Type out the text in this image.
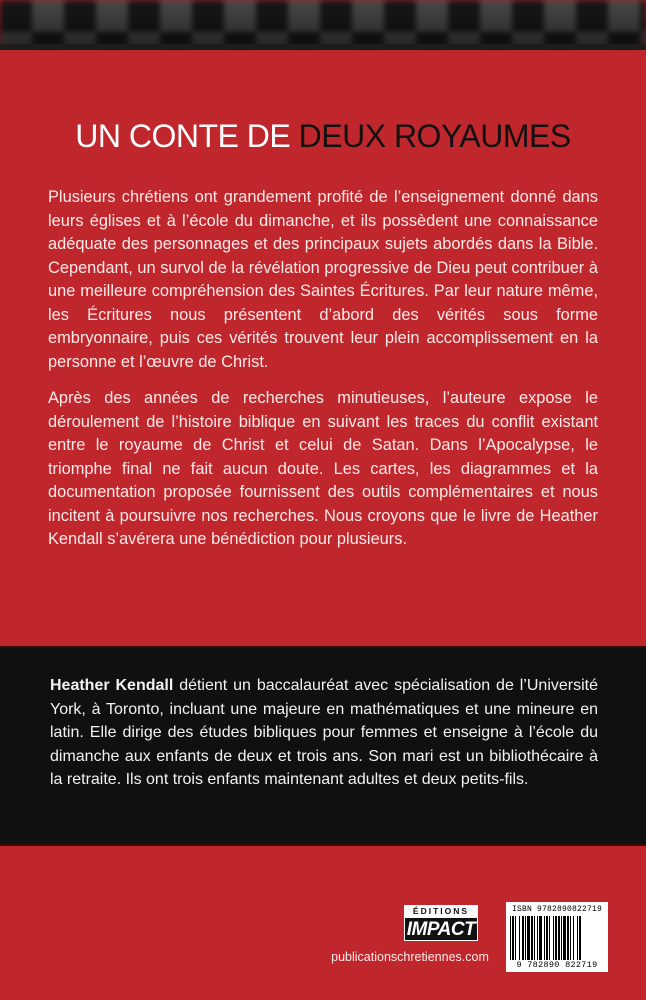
UN CONTE DE DEUX ROYAUMES

Plusieurs chrétiens ont grandement profité de l’enseignement donné dans leurs églises et à l’école du dimanche, et ils possèdent une connaissance adéquate des personnages et des principaux sujets abordés dans la Bible. Cependant, un survol de la révélation progressive de Dieu peut contribuer à une meilleure compréhension des Saintes Écritures. Par leur nature même, les Écritures nous présentent d’abord des vérités sous forme embryonnaire, puis ces vérités trouvent leur plein accomplissement en la personne et l’œuvre de Christ.

Après des années de recherches minutieuses, l’auteure expose le déroulement de l’histoire biblique en suivant les traces du conflit existant entre le royaume de Christ et celui de Satan. Dans l’Apocalypse, le triomphe final ne fait aucun doute. Les cartes, les diagrammes et la documentation proposée fournissent des outils complémentaires et nous incitent à poursuivre nos recherches. Nous croyons que le livre de Heather Kendall s’avérera une bénédiction pour plusieurs.

Heather Kendall détient un baccalauréat avec spécialisation de l’Université York, à Toronto, incluant une majeure en mathématiques et une mineure en latin. Elle dirige des études bibliques pour femmes et enseigne à l’école du dimanche aux enfants de deux et trois ans. Son mari est un bibliothécaire à la retraite. Ils ont trois enfants maintenant adultes et deux petits-fils.
ÉDITIONS
IMPACT
publicationschretiennes.com
ISBN 9782890822719
9 782890 822719
